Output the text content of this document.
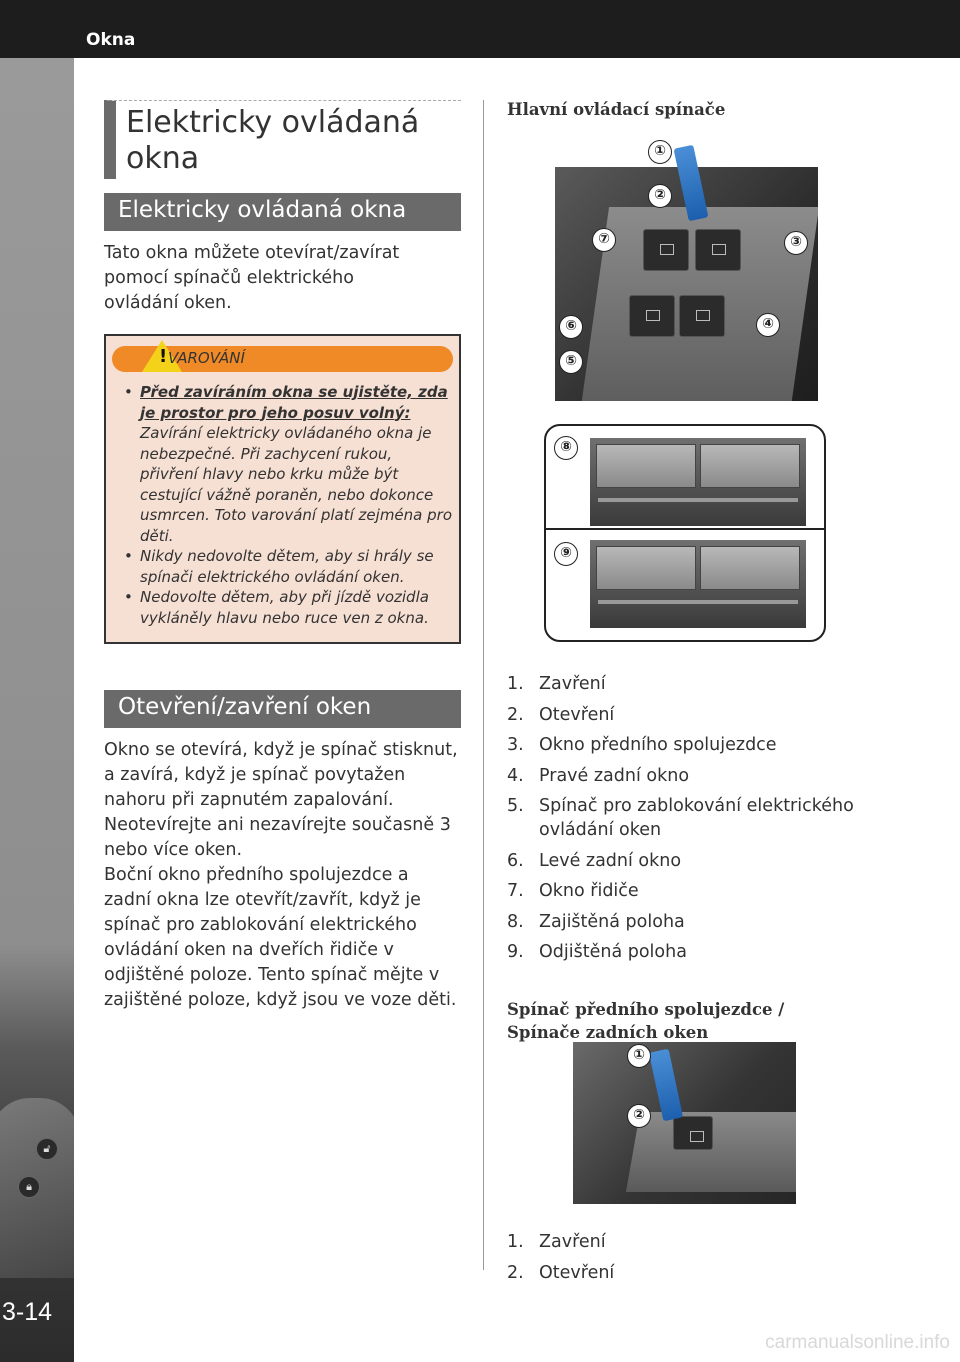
Okna
🔓︎
🔒︎
3-14
Elektricky ovládaná okna
Elektricky ovládaná okna

Tato okna můžete otevírat/zavírat pomocí spínačů elektrického ovládání oken.

! VAROVÁNÍ
• Před zavíráním okna se ujistěte, zda je prostor pro jeho posuv volný: Zavírání elektricky ovládaného okna je nebezpečné. Při zachycení rukou, přivření hlavy nebo krku může být cestující vážně poraněn, nebo dokonce usmrcen. Toto varování platí zejména pro děti.
• Nikdy nedovolte dětem, aby si hrály se spínači elektrického ovládání oken.
• Nedovolte dětem, aby při jízdě vozidla vykláněly hlavu nebo ruce ven z okna.
Otevření/zavření oken

Okno se otevírá, když je spínač stisknut, a zavírá, když je spínač povytažen nahoru při zapnutém zapalování. Neotevírejte ani nezavírejte současně 3 nebo více oken.

Boční okno předního spolujezdce a zadní okna lze otevřít/zavřít, když je spínač pro zablokování elektrického ovládání oken na dveřích řidiče v odjištěné poloze. Tento spínač mějte v zajištěné poloze, když jsou ve voze děti.

Hlavní ovládací spínače
1. Zavření
2. Otevření
3. Okno předního spolujezdce
4. Pravé zadní okno
5. Spínač pro zablokování elektrického ovládání oken
6. Levé zadní okno
7. Okno řidiče
8. Zajištěná poloha
9. Odjištěná poloha
Spínač předního spolujezdce /
Spínače zadních oken
1. Zavření
2. Otevření
①
②
③
④
⑤
⑥
⑦
⑧
⑨
①
②
carmanualsonline.info
